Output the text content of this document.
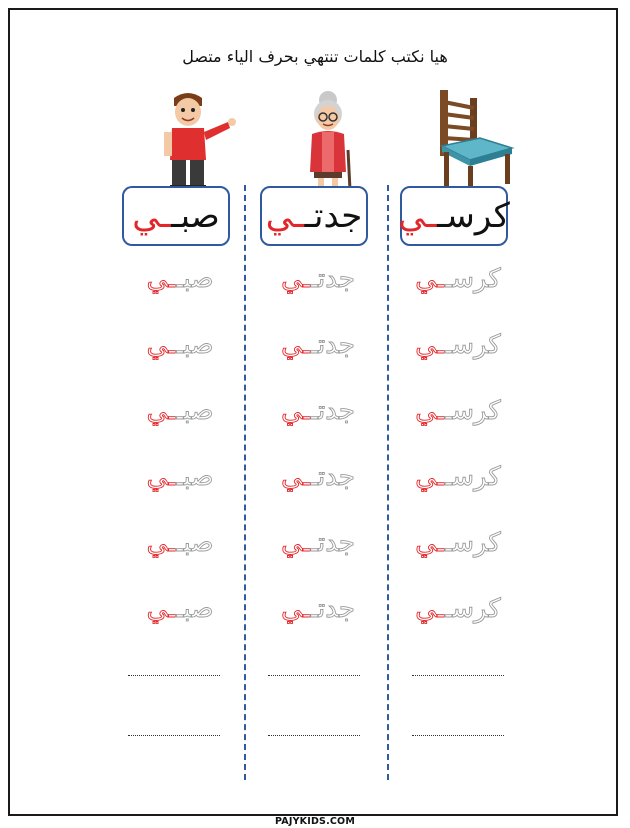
هيا نكتب كلمات تنتهي بحرف الياء متصل
كرسـ
ـي
كرســي
كرســي
كرســي
كرســي
كرســي
كرســي
جدتـ
ـي
جدتــي
جدتــي
جدتــي
جدتــي
جدتــي
جدتــي
صبـ
ـي
صبــي
صبــي
صبــي
صبــي
صبــي
صبــي
PAJYKIDS.COM
